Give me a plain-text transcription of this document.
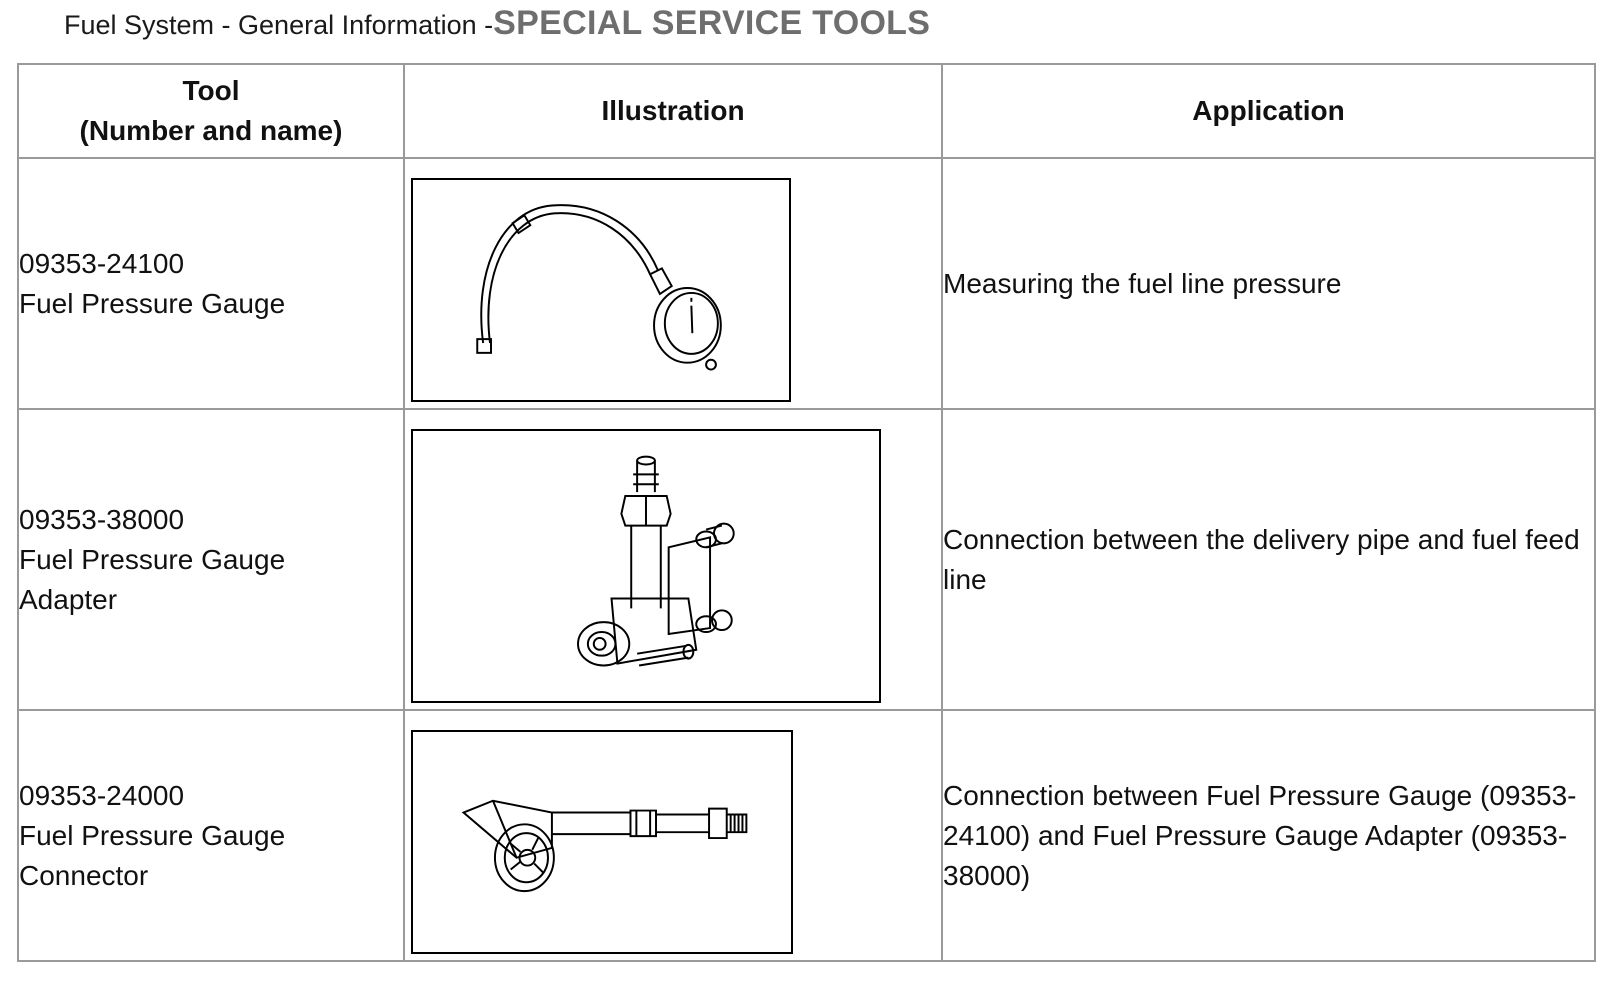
Fuel System - General Information - SPECIAL SERVICE TOOLS
Tool
(Number and name)	Illustration	Application

09353-24100
Fuel Pressure Gauge		Measuring the fuel line pressure

09353-38000
Fuel Pressure Gauge
Adapter		Connection between the delivery pipe and fuel feed line

09353-24000
Fuel Pressure Gauge
Connector		Connection between Fuel Pressure Gauge (09353-24100) and Fuel Pressure Gauge Adapter (09353-38000)
